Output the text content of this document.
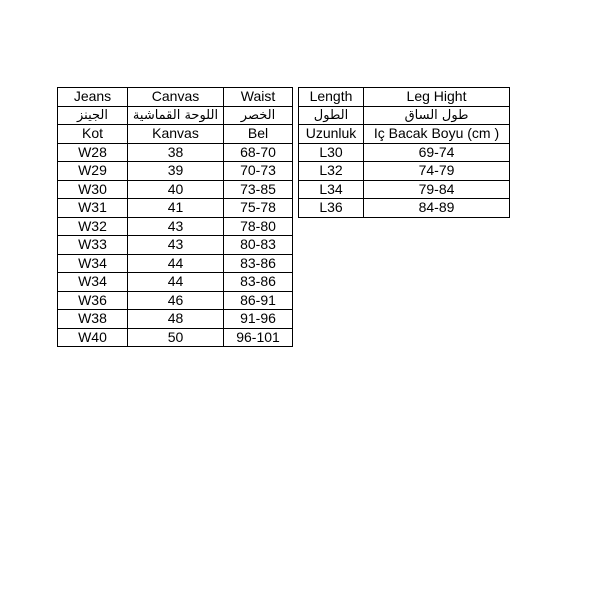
Jeans	Canvas	Waist
الجينز	اللوحة القماشية	الخصر
Kot	Kanvas	Bel
W28	38	68-70
W29	39	70-73
W30	40	73-85
W31	41	75-78
W32	43	78-80
W33	43	80-83
W34	44	83-86
W34	44	83-86
W36	46	86-91
W38	48	91-96
W40	50	96-101
Length	Leg Hight
الطول	طول الساق
Uzunluk	Iç Bacak Boyu (cm )
L30	69-74
L32	74-79
L34	79-84
L36	84-89
